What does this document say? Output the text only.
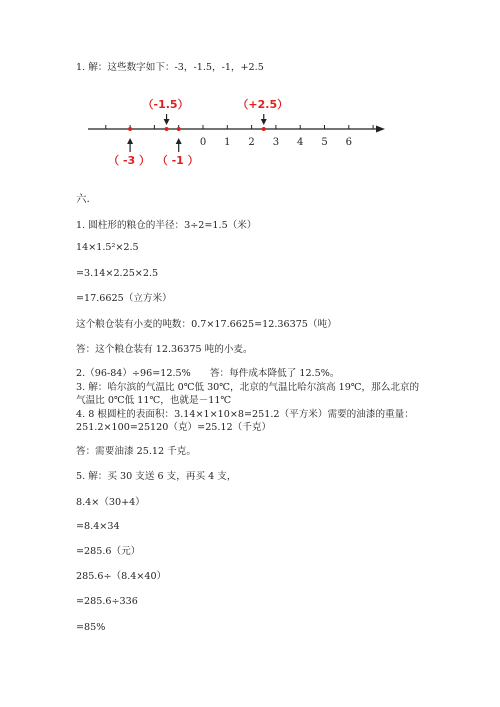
1. 解：这些数字如下：-3，-1.5，-1，+2.5
六.
1. 圆柱形的粮仓的半径：3÷2=1.5（米）
14×1.5²×2.5
=3.14×2.25×2.5
=17.6625（立方米）
这个粮仓装有小麦的吨数：0.7×17.6625=12.36375（吨）
答：这个粮仓装有 12.36375 吨的小麦。
2.（96-84）÷96=12.5%　　答：每件成本降低了 12.5%。
3. 解：哈尔滨的气温比 0℃低 30℃，北京的气温比哈尔滨高 19℃，那么北京的
气温比 0℃低 11℃，也就是－11℃
4. 8 根圆柱的表面积：3.14×1×10×8=251.2（平方米）需要的油漆的重量：
251.2×100=25120（克）=25.12（千克）
答：需要油漆 25.12 千克。
5. 解：买 30 支送 6 支，再买 4 支，
8.4×（30+4）
=8.4×34
=285.6（元）
285.6÷（8.4×40）
=285.6÷336
=85%
0 1 2 3 4 5 6
（-1.5）	（+2.5）
（ -3 ） （ -1 ）
